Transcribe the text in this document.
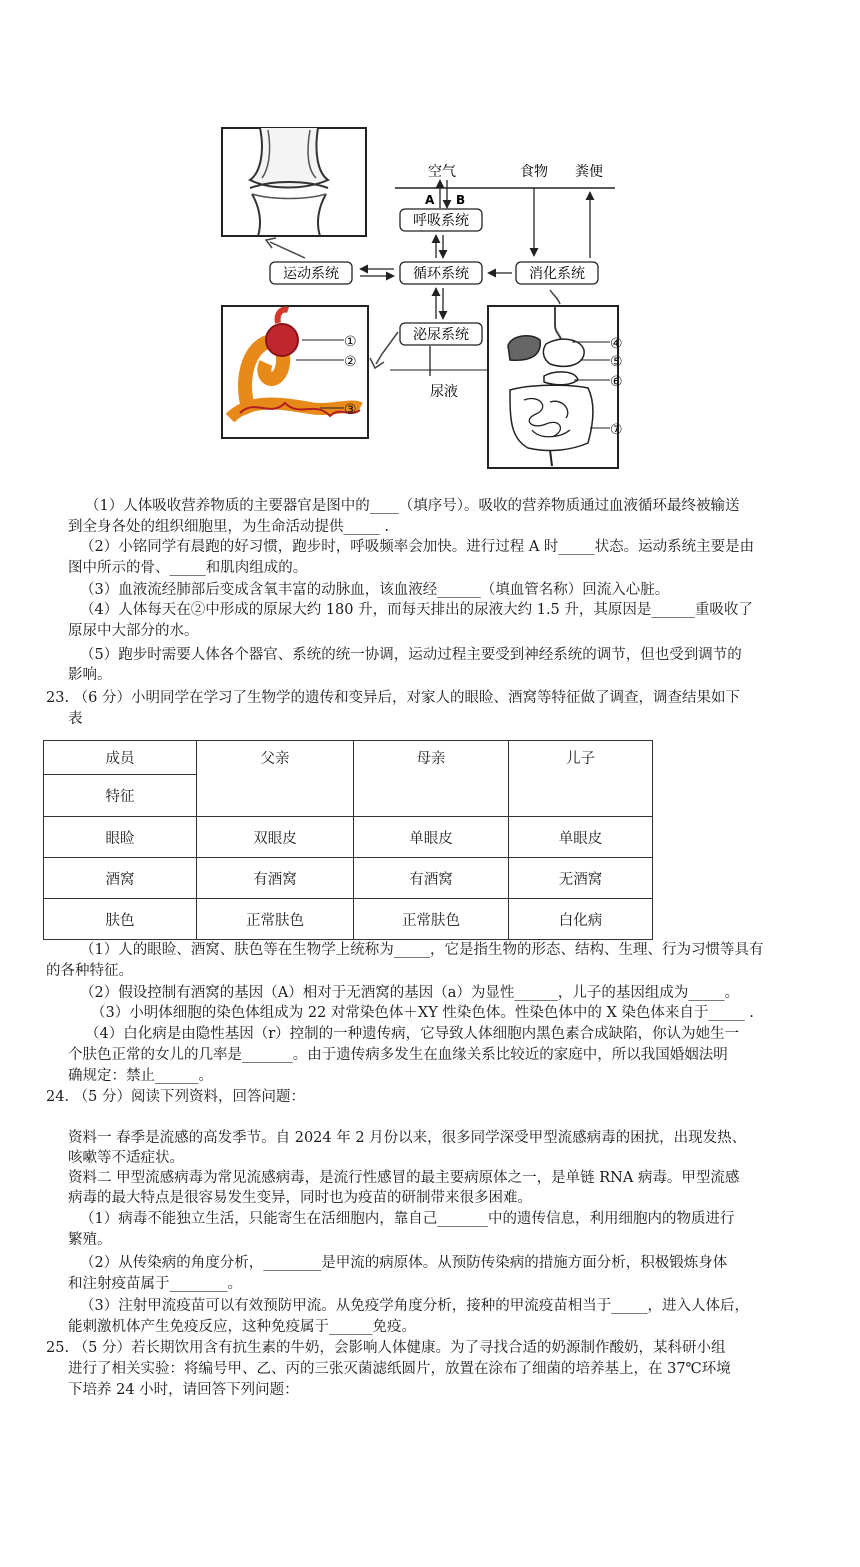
①
②
③
空气	食物 粪便
A B
呼吸系统
循环系统
运动系统	消化系统
泌尿系统
尿液
④
⑤
⑥
⑦
（1）人体吸收营养物质的主要器官是图中的____（填序号）。吸收的营养物质通过血液循环最终被输送
到全身各处的组织细胞里，为生命活动提供_____ .
（2）小铭同学有晨跑的好习惯，跑步时，呼吸频率会加快。进行过程 A 时_____状态。运动系统主要是由
图中所示的骨、_____和肌肉组成的。
（3）血液流经肺部后变成含氧丰富的动脉血，该血液经______（填血管名称）回流入心脏。
（4）人体每天在②中形成的原尿大约 180 升，而每天排出的尿液大约 1.5 升，其原因是______重吸收了
原尿中大部分的水。
（5）跑步时需要人体各个器官、系统的统一协调，运动过程主要受到神经系统的调节，但也受到调节的
影响。
23. （6 分）小明同学在学习了生物学的遗传和变异后，对家人的眼睑、酒窝等特征做了调查，调查结果如下
表
成员	父亲	母亲	儿子
特征			
眼睑	双眼皮	单眼皮	单眼皮
酒窝	有酒窝	有酒窝	无酒窝
肤色	正常肤色	正常肤色	白化病
（1）人的眼睑、酒窝、肤色等在生物学上统称为_____，它是指生物的形态、结构、生理、行为习惯等具有
的各种特征。
（2）假设控制有酒窝的基因（A）相对于无酒窝的基因（a）为显性______，儿子的基因组成为_____。
（3）小明体细胞的染色体组成为 22 对常染色体＋XY 性染色体。性染色体中的 X 染色体来自于_____ .
（4）白化病是由隐性基因（r）控制的一种遗传病，它导致人体细胞内黑色素合成缺陷，你认为她生一
个肤色正常的女儿的几率是_______。由于遗传病多发生在血缘关系比较近的家庭中，所以我国婚姻法明
确规定：禁止______。
24. （5 分）阅读下列资料，回答问题：
资料一 春季是流感的高发季节。自 2024 年 2 月份以来，很多同学深受甲型流感病毒的困扰，出现发热、
咳嗽等不适症状。
资料二 甲型流感病毒为常见流感病毒，是流行性感冒的最主要病原体之一，是单链 RNA 病毒。甲型流感
病毒的最大特点是很容易发生变异，同时也为疫苗的研制带来很多困难。
（1）病毒不能独立生活，只能寄生在活细胞内，靠自己_______中的遗传信息，利用细胞内的物质进行
繁殖。
（2）从传染病的角度分析，________是甲流的病原体。从预防传染病的措施方面分析，积极锻炼身体
和注射疫苗属于________。
（3）注射甲流疫苗可以有效预防甲流。从免疫学角度分析，接种的甲流疫苗相当于_____，进入人体后，
能刺激机体产生免疫反应，这种免疫属于______免疫。
25. （5 分）若长期饮用含有抗生素的牛奶，会影响人体健康。为了寻找合适的奶源制作酸奶，某科研小组
进行了相关实验：将编号甲、乙、丙的三张灭菌滤纸圆片，放置在涂布了细菌的培养基上，在 37℃环境
下培养 24 小时，请回答下列问题：
